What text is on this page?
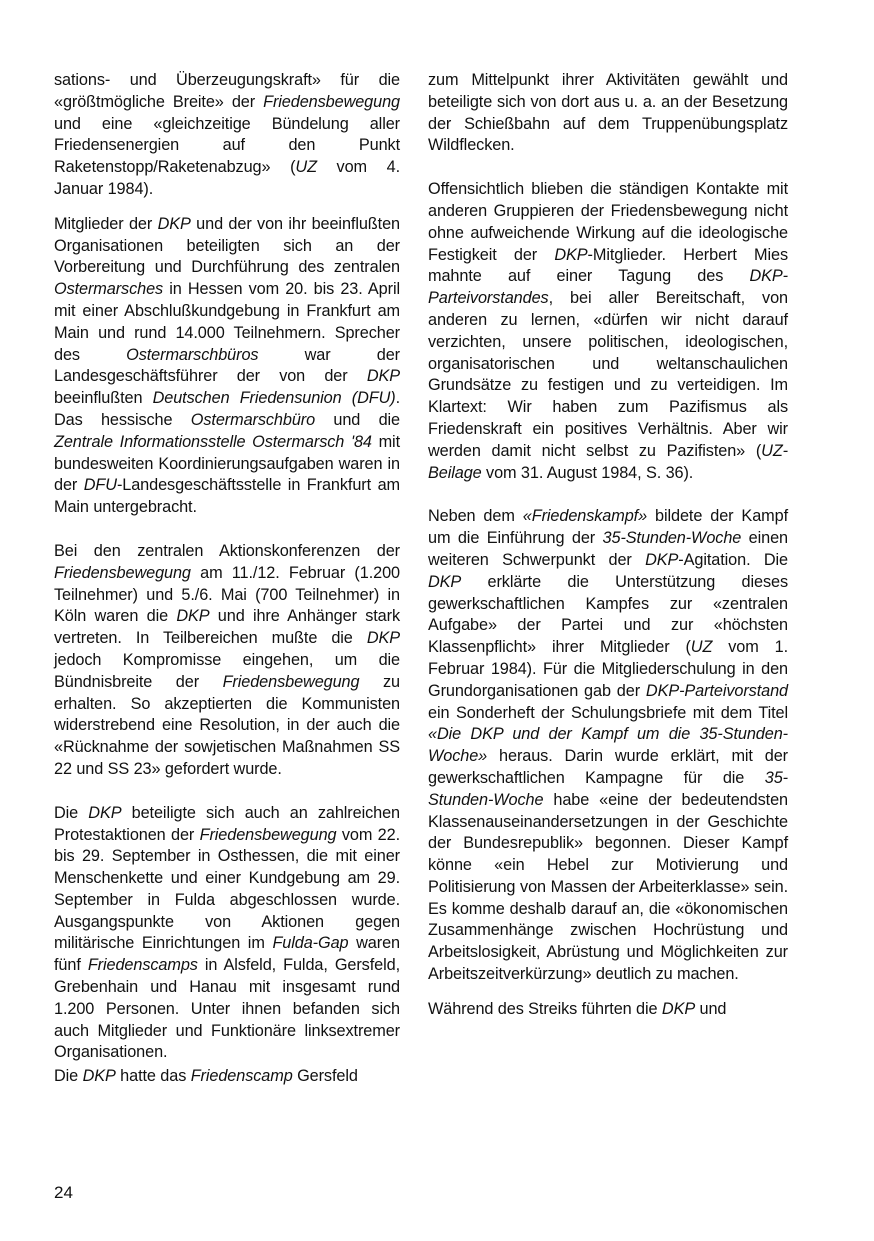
sations- und Überzeugungskraft» für die «größtmögliche Breite» der Friedensbewegung und eine «gleichzeitige Bündelung aller Friedensenergien auf den Punkt Raketenstopp/Raketenabzug» (UZ vom 4. Januar 1984).

Mitglieder der DKP und der von ihr beeinflußten Organisationen beteiligten sich an der Vorbereitung und Durchführung des zentralen Ostermarsches in Hessen vom 20. bis 23. April mit einer Abschlußkundgebung in Frankfurt am Main und rund 14.000 Teilnehmern. Sprecher des Ostermarschbüros war der Landesgeschäftsführer der von der DKP beeinflußten Deutschen Friedensunion (DFU). Das hessische Ostermarschbüro und die Zentrale Informationsstelle Ostermarsch '84 mit bundesweiten Koordinierungsaufgaben waren in der DFU-Landesgeschäftsstelle in Frankfurt am Main untergebracht.

Bei den zentralen Aktionskonferenzen der Friedensbewegung am 11./12. Februar (1.200 Teilnehmer) und 5./6. Mai (700 Teilnehmer) in Köln waren die DKP und ihre Anhänger stark vertreten. In Teilbereichen mußte die DKP jedoch Kompromisse eingehen, um die Bündnisbreite der Friedensbewegung zu erhalten. So akzeptierten die Kommunisten widerstrebend eine Resolution, in der auch die «Rücknahme der sowjetischen Maßnahmen SS 22 und SS 23» gefordert wurde.

Die DKP beteiligte sich auch an zahlreichen Protestaktionen der Friedensbewegung vom 22. bis 29. September in Osthessen, die mit einer Menschenkette und einer Kundgebung am 29. September in Fulda abgeschlossen wurde. Ausgangspunkte von Aktionen gegen militärische Einrichtungen im Fulda-Gap waren fünf Friedenscamps in Alsfeld, Fulda, Gersfeld, Grebenhain und Hanau mit insgesamt rund 1.200 Personen. Unter ihnen befanden sich auch Mitglieder und Funktionäre linksextremer Organisationen.

Die DKP hatte das Friedenscamp Gersfeld

zum Mittelpunkt ihrer Aktivitäten gewählt und beteiligte sich von dort aus u. a. an der Besetzung der Schießbahn auf dem Truppenübungsplatz Wildflecken.

Offensichtlich blieben die ständigen Kontakte mit anderen Gruppieren der Friedensbewegung nicht ohne aufweichende Wirkung auf die ideologische Festigkeit der DKP-Mitglieder. Herbert Mies mahnte auf einer Tagung des DKP-Parteivorstandes, bei aller Bereitschaft, von anderen zu lernen, «dürfen wir nicht darauf verzichten, unsere politischen, ideologischen, organisatorischen und weltanschaulichen Grundsätze zu festigen und zu verteidigen. Im Klartext: Wir haben zum Pazifismus als Friedenskraft ein positives Verhältnis. Aber wir werden damit nicht selbst zu Pazifisten» (UZ-Beilage vom 31. August 1984, S. 36).

Neben dem «Friedenskampf» bildete der Kampf um die Einführung der 35-Stunden-Woche einen weiteren Schwerpunkt der DKP-Agitation. Die DKP erklärte die Unterstützung dieses gewerkschaftlichen Kampfes zur «zentralen Aufgabe» der Partei und zur «höchsten Klassenpflicht» ihrer Mitglieder (UZ vom 1. Februar 1984). Für die Mitgliederschulung in den Grundorganisationen gab der DKP-Parteivorstand ein Sonderheft der Schulungsbriefe mit dem Titel «Die DKP und der Kampf um die 35-Stunden-Woche» heraus. Darin wurde erklärt, mit der gewerkschaftlichen Kampagne für die 35-Stunden-Woche habe «eine der bedeutendsten Klassenauseinandersetzungen in der Geschichte der Bundesrepublik» begonnen. Dieser Kampf könne «ein Hebel zur Motivierung und Politisierung von Massen der Arbeiterklasse» sein. Es komme deshalb darauf an, die «ökonomischen Zusammenhänge zwischen Hochrüstung und Arbeitslosigkeit, Abrüstung und Möglichkeiten zur Arbeitszeitverkürzung» deutlich zu machen.

Während des Streiks führten die DKP und

24
